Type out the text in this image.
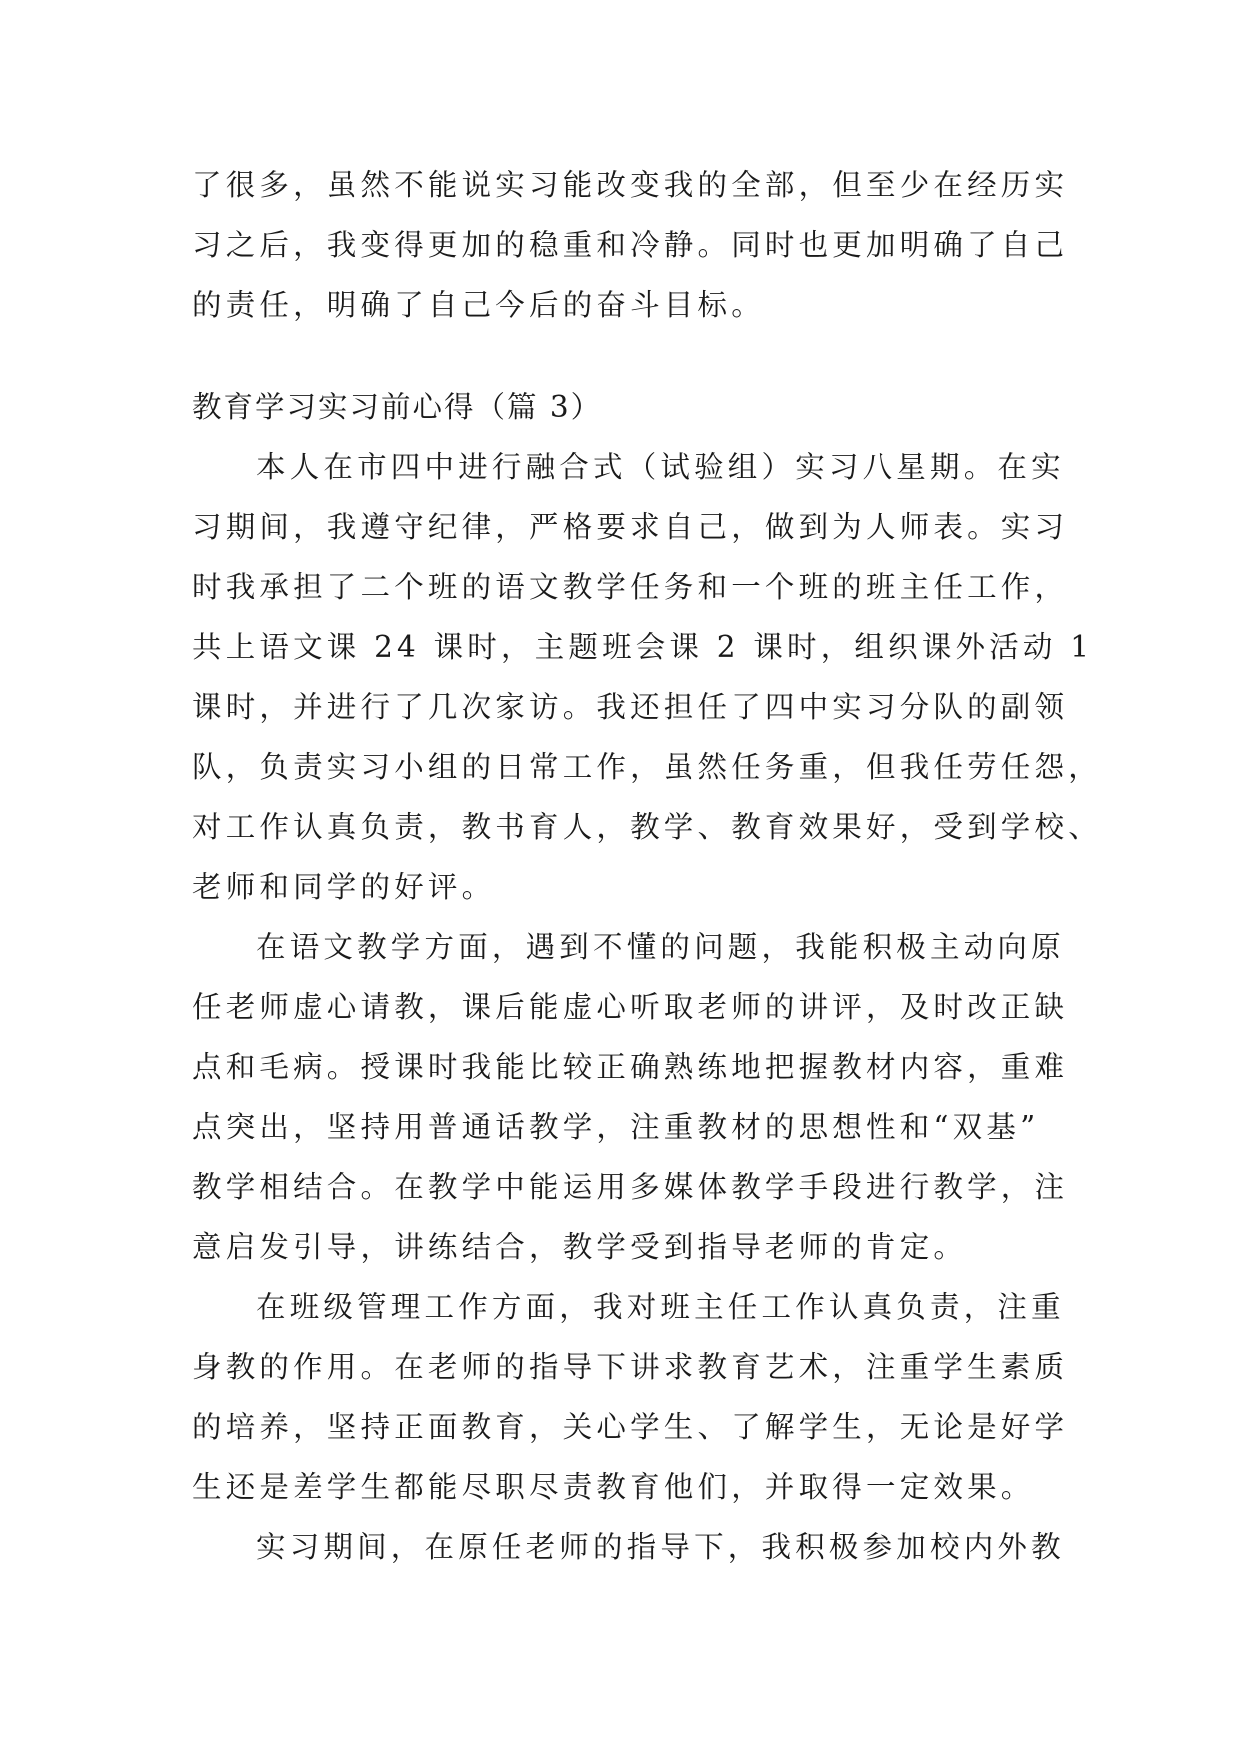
了很多，虽然不能说实习能改变我的全部，但至少在经历实
习之后，我变得更加的稳重和冷静。同时也更加明确了自己
的责任，明确了自己今后的奋斗目标。
教育学习实习前心得（篇 3）
本人在市四中进行融合式（试验组）实习八星期。在实
习期间，我遵守纪律，严格要求自己，做到为人师表。实习
时我承担了二个班的语文教学任务和一个班的班主任工作，
共上语文课 24 课时，主题班会课 2 课时，组织课外活动 1
课时，并进行了几次家访。我还担任了四中实习分队的副领
队，负责实习小组的日常工作，虽然任务重，但我任劳任怨，
对工作认真负责，教书育人，教学、教育效果好，受到学校、
老师和同学的好评。
在语文教学方面，遇到不懂的问题，我能积极主动向原
任老师虚心请教，课后能虚心听取老师的讲评，及时改正缺
点和毛病。授课时我能比较正确熟练地把握教材内容，重难
点突出，坚持用普通话教学，注重教材的思想性和“双基”
教学相结合。在教学中能运用多媒体教学手段进行教学，注
意启发引导，讲练结合，教学受到指导老师的肯定。
在班级管理工作方面，我对班主任工作认真负责，注重
身教的作用。在老师的指导下讲求教育艺术，注重学生素质
的培养，坚持正面教育，关心学生、了解学生，无论是好学
生还是差学生都能尽职尽责教育他们，并取得一定效果。
实习期间，在原任老师的指导下，我积极参加校内外教
